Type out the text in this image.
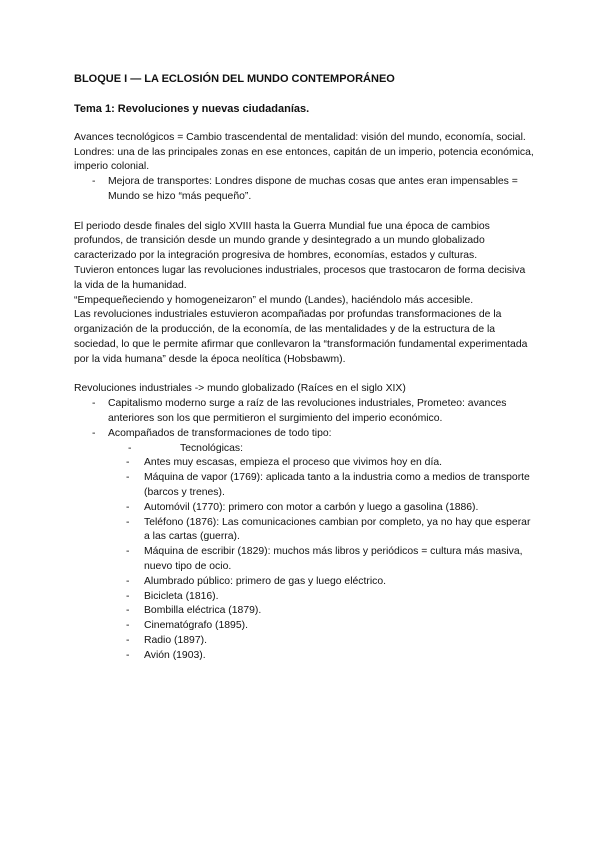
BLOQUE I — LA ECLOSIÓN DEL MUNDO CONTEMPORÁNEO

Tema 1: Revoluciones y nuevas ciudadanías.

Avances tecnológicos = Cambio trascendental de mentalidad: visión del mundo, economía, social.

Londres: una de las principales zonas en ese entonces, capitán de un imperio, potencia económica, imperio colonial.

- Mejora de transportes: Londres dispone de muchas cosas que antes eran impensables = Mundo se hizo “más pequeño”.

El periodo desde finales del siglo XVIII hasta la Guerra Mundial fue una época de cambios profundos, de transición desde un mundo grande y desintegrado a un mundo globalizado caracterizado por la integración progresiva de hombres, economías, estados y culturas.

Tuvieron entonces lugar las revoluciones industriales, procesos que trastocaron de forma decisiva la vida de la humanidad.

“Empequeñeciendo y homogeneizaron” el mundo (Landes), haciéndolo más accesible.

Las revoluciones industriales estuvieron acompañadas por profundas transformaciones de la organización de la producción, de la economía, de las mentalidades y de la estructura de la sociedad, lo que le permite afirmar que conllevaron la “transformación fundamental experimentada por la vida humana” desde la época neolítica (Hobsbawm).

Revoluciones industriales -> mundo globalizado (Raíces en el siglo XIX)

- Capitalismo moderno surge a raíz de las revoluciones industriales, Prometeo: avances anteriores son los que permitieron el surgimiento del imperio económico.
- Acompañados de transformaciones de todo tipo:
-	Tecnológicas:
-	Antes muy escasas, empieza el proceso que vivimos hoy en día.
-	Máquina de vapor (1769): aplicada tanto a la industria como a medios de transporte (barcos y trenes).
-	Automóvil (1770): primero con motor a carbón y luego a gasolina (1886).
-	Teléfono (1876): Las comunicaciones cambian por completo, ya no hay que esperar a las cartas (guerra).
-	Máquina de escribir (1829): muchos más libros y periódicos = cultura más masiva, nuevo tipo de ocio.
-	Alumbrado público: primero de gas y luego eléctrico.
-	Bicicleta (1816).
-	Bombilla eléctrica (1879).
-	Cinematógrafo (1895).
-	Radio (1897).
-	Avión (1903).
